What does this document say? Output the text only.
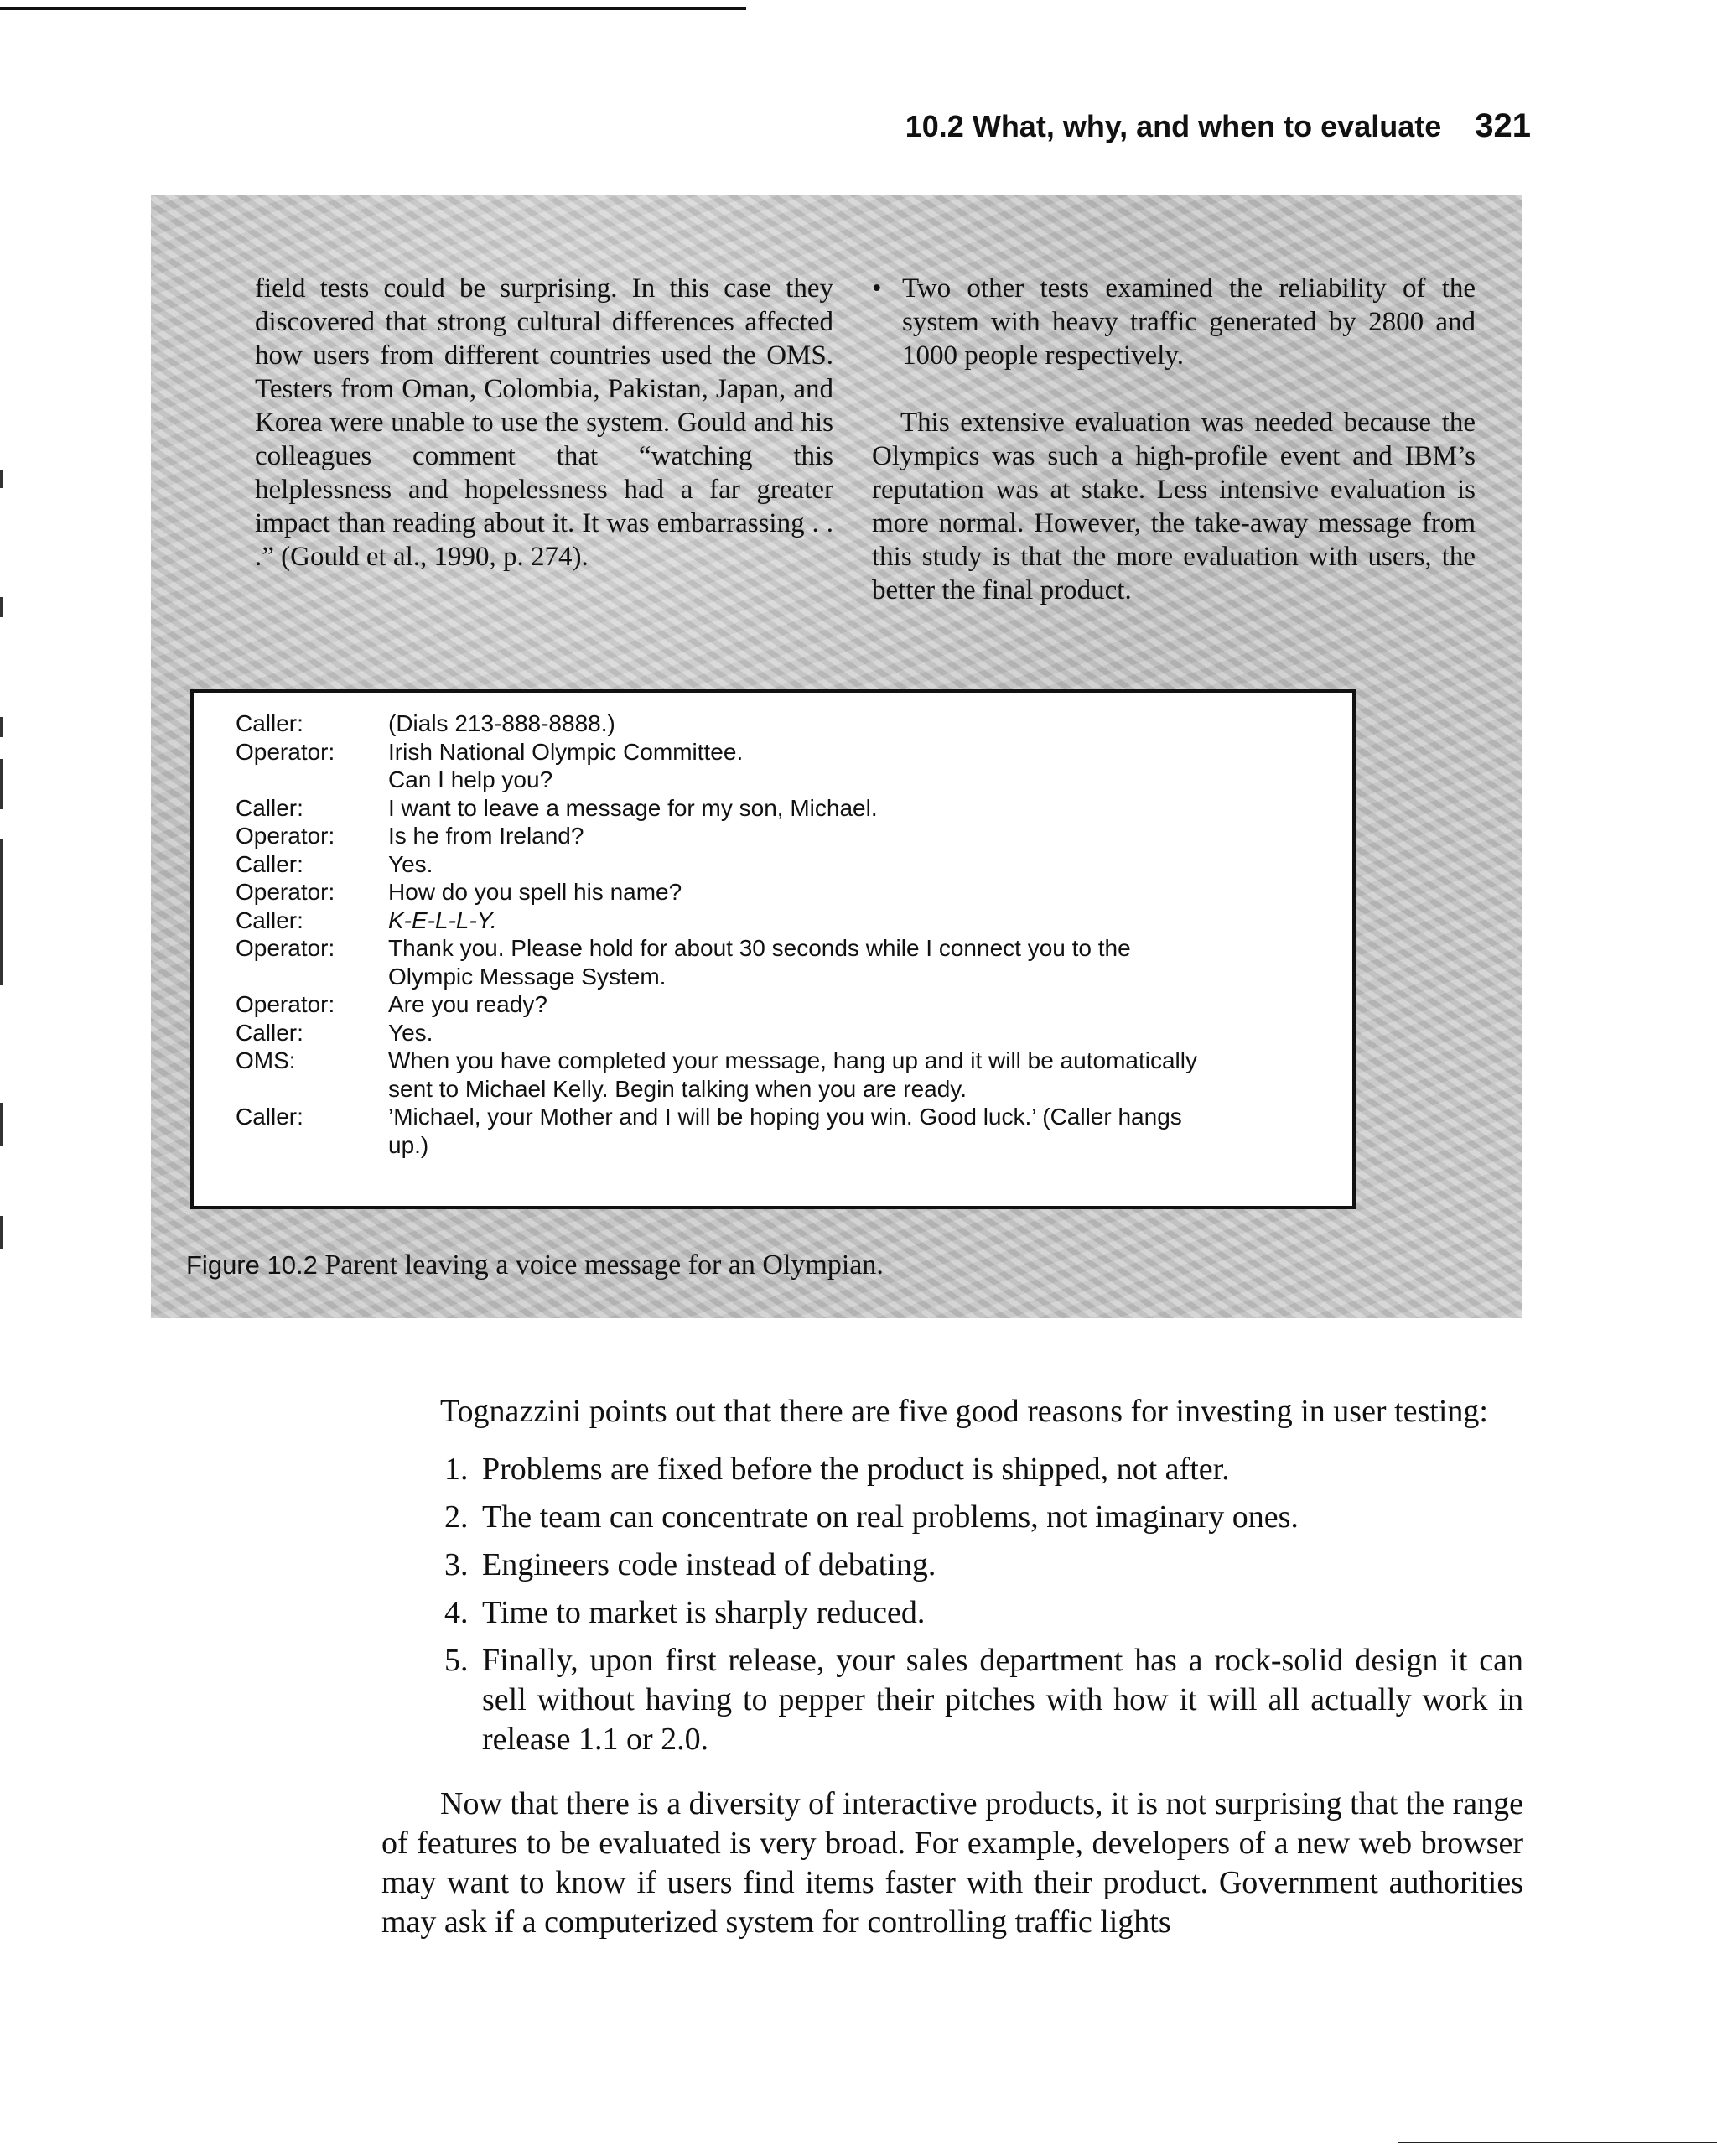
10.2 What, why, and when to evaluate 321

field tests could be surprising. In this case they discovered that strong cultural differences affected how users from different countries used the OMS. Testers from Oman, Colombia, Pakistan, Japan, and Korea were unable to use the system. Gould and his colleagues comment that “watching this helplessness and hopelessness had a far greater impact than reading about it. It was embarrassing . . .” (Gould et al., 1990, p. 274).

• Two other tests examined the reliability of the system with heavy traffic generated by 2800 and 1000 people respectively.

This extensive evaluation was needed because the Olympics was such a high-profile event and IBM’s reputation was at stake. Less intensive evaluation is more normal. However, the take-away message from this study is that the more evaluation with users, the better the final product.

Caller:	(Dials 213-888-8888.)
Operator:	Irish National Olympic Committee.
Can I help you?
Caller:	I want to leave a message for my son, Michael.
Operator:	Is he from Ireland?
Caller:	Yes.
Operator:	How do you spell his name?
Caller:	K-E-L-L-Y.
Operator:	Thank you. Please hold for about 30 seconds while I connect you to the
Olympic Message System.
Operator:	Are you ready?
Caller:	Yes.
OMS:	When you have completed your message, hang up and it will be automatically
sent to Michael Kelly. Begin talking when you are ready.
Caller:	’Michael, your Mother and I will be hoping you win. Good luck.’ (Caller hangs
up.)
Figure 10.2 Parent leaving a voice message for an Olympian.

Tognazzini points out that there are five good reasons for investing in user testing:

1. Problems are fixed before the product is shipped, not after.
2. The team can concentrate on real problems, not imaginary ones.
3. Engineers code instead of debating.
4. Time to market is sharply reduced.
5. Finally, upon first release, your sales department has a rock-solid design it can sell without having to pepper their pitches with how it will all actually work in release 1.1 or 2.0.

Now that there is a diversity of interactive products, it is not surprising that the range of features to be evaluated is very broad. For example, developers of a new web browser may want to know if users find items faster with their product. Government authorities may ask if a computerized system for controlling traffic lights
